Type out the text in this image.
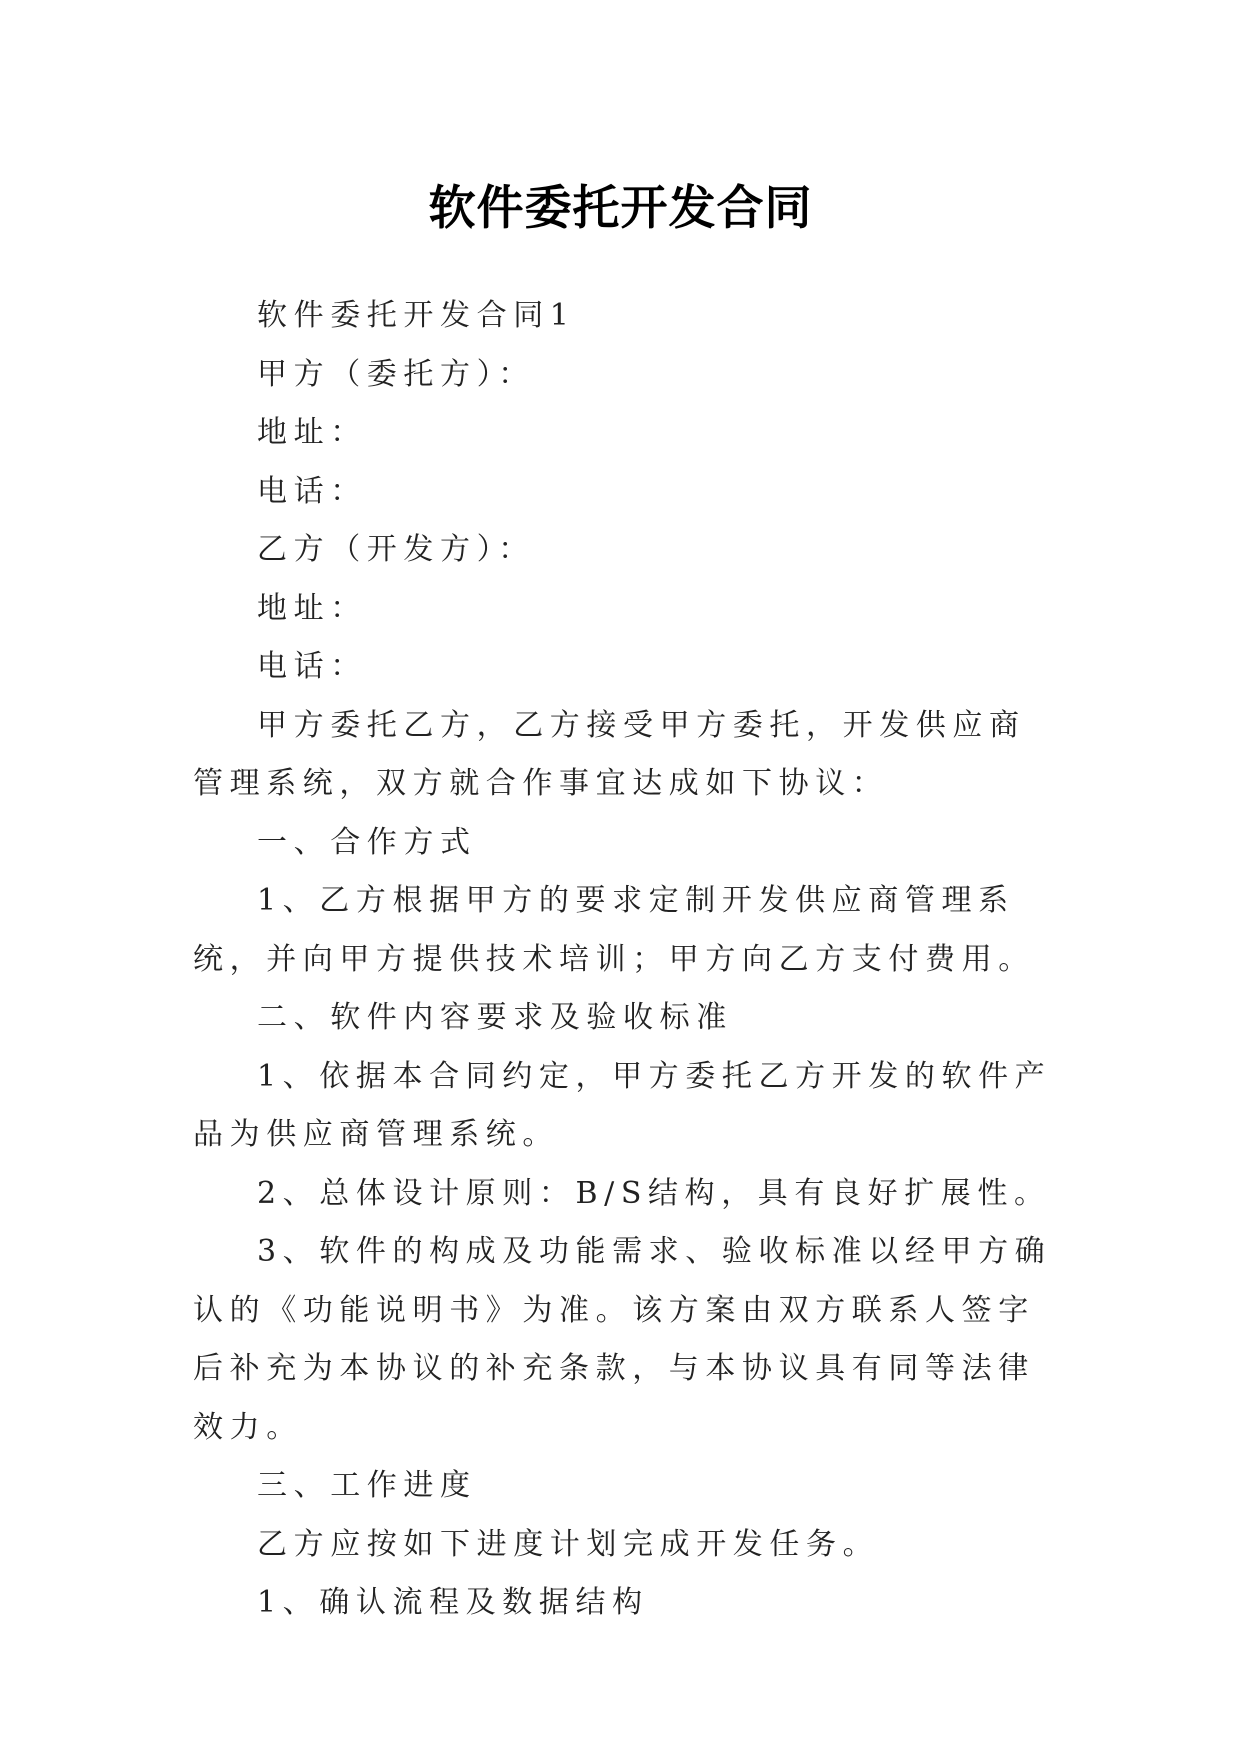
软件委托开发合同

软件委托开发合同1

甲方（委托方）：

地址：

电话：

乙方（开发方）：

地址：

电话：

甲方委托乙方，乙方接受甲方委托，开发供应商管理系统，双方就合作事宜达成如下协议：

一、合作方式

1、乙方根据甲方的要求定制开发供应商管理系统，并向甲方提供技术培训；甲方向乙方支付费用。

二、软件内容要求及验收标准

1、依据本合同约定，甲方委托乙方开发的软件产品为供应商管理系统。

2、总体设计原则：B/S结构，具有良好扩展性。

3、软件的构成及功能需求、验收标准以经甲方确认的《功能说明书》为准。该方案由双方联系人签字后补充为本协议的补充条款，与本协议具有同等法律效力。

三、工作进度

乙方应按如下进度计划完成开发任务。

1、确认流程及数据结构
